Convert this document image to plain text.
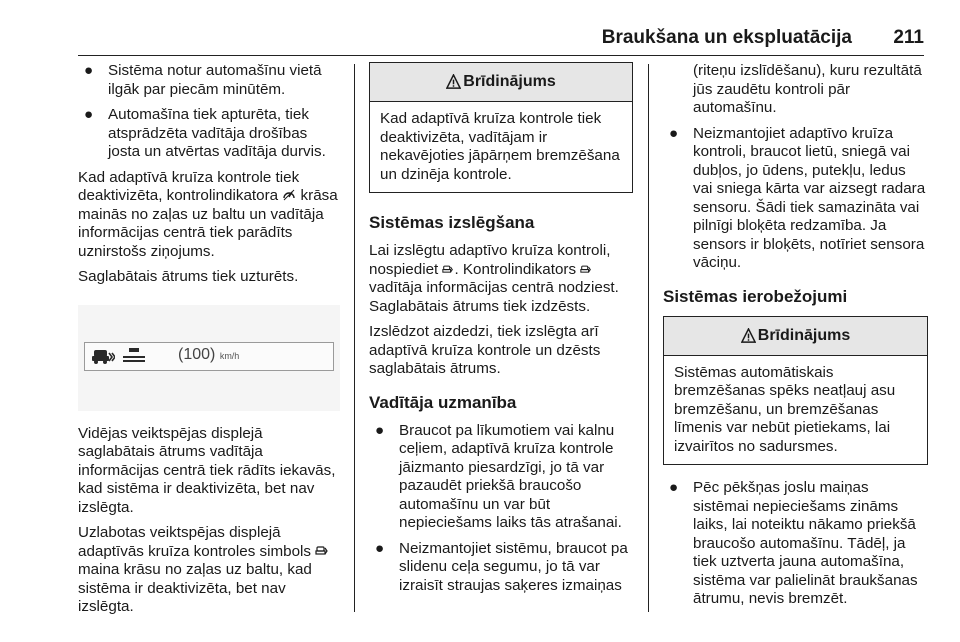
Braukšana un ekspluatācija 211
● Sistēma notur automašīnu vietā ilgāk par piecām minūtēm.
● Automašīna tiek apturēta, tiek atsprādzēta vadītāja drošības josta un atvērtas vadītāja durvis.

Kad adaptīvā kruīza kontrole tiek deaktivizēta, kontrolindikatora krāsa mainās no zaļas uz baltu un vadītāja informācijas centrā tiek parādīts uznirstošs ziņojums.

Saglabātais ātrums tiek uzturēts.

(100) km/h

Vidējas veiktspējas displejā saglabātais ātrums vadītāja informācijas centrā tiek rādīts iekavās, kad sistēma ir deaktivizēta, bet nav izslēgta.

Uzlabotas veiktspējas displejā adaptīvās kruīza kontroles simbols  maina krāsu no zaļas uz baltu, kad sistēma ir deaktivizēta, bet nav izslēgta.

Brīdinājums
Kad adaptīvā kruīza kontrole tiek deaktivizēta, vadītājam ir nekavējoties jāpārņem bremzēšana un dzinēja kontrole.
Sistēmas izslēgšana

Lai izslēgtu adaptīvo kruīza kontroli, nospiediet . Kontrolindikators  vadītāja informācijas centrā nodziest. Saglabātais ātrums tiek izdzēsts.

Izslēdzot aizdedzi, tiek izslēgta arī adaptīvā kruīza kontrole un dzēsts saglabātais ātrums.

Vadītāja uzmanība
● Braucot pa līkumotiem vai kalnu ceļiem, adaptīvā kruīza kontrole jāizmanto piesardzīgi, jo tā var pazaudēt priekšā braucošo automašīnu un var būt nepieciešams laiks tās atrašanai.
● Neizmantojiet sistēmu, braucot pa slidenu ceļa segumu, jo tā var izraisīt straujas saķeres izmaiņas

(riteņu izslīdēšanu), kuru rezultātā jūs zaudētu kontroli pār automašīnu.

● Neizmantojiet adaptīvo kruīza kontroli, braucot lietū, sniegā vai dubļos, jo ūdens, putekļu, ledus vai sniega kārta var aizsegt radara sensoru. Šādi tiek samazināta vai pilnīgi bloķēta redzamība. Ja sensors ir bloķēts, notīriet sensora vāciņu.
Sistēmas ierobežojumi
Brīdinājums
Sistēmas automātiskais bremzēšanas spēks neatļauj asu bremzēšanu, un bremzēšanas līmenis var nebūt pietiekams, lai izvairītos no sadursmes.
● Pēc pēkšņas joslu maiņas sistēmai nepieciešams zināms laiks, lai noteiktu nākamo priekšā braucošo automašīnu. Tādēļ, ja tiek uztverta jauna automašīna, sistēma var palielināt braukšanas ātrumu, nevis bremzēt.
